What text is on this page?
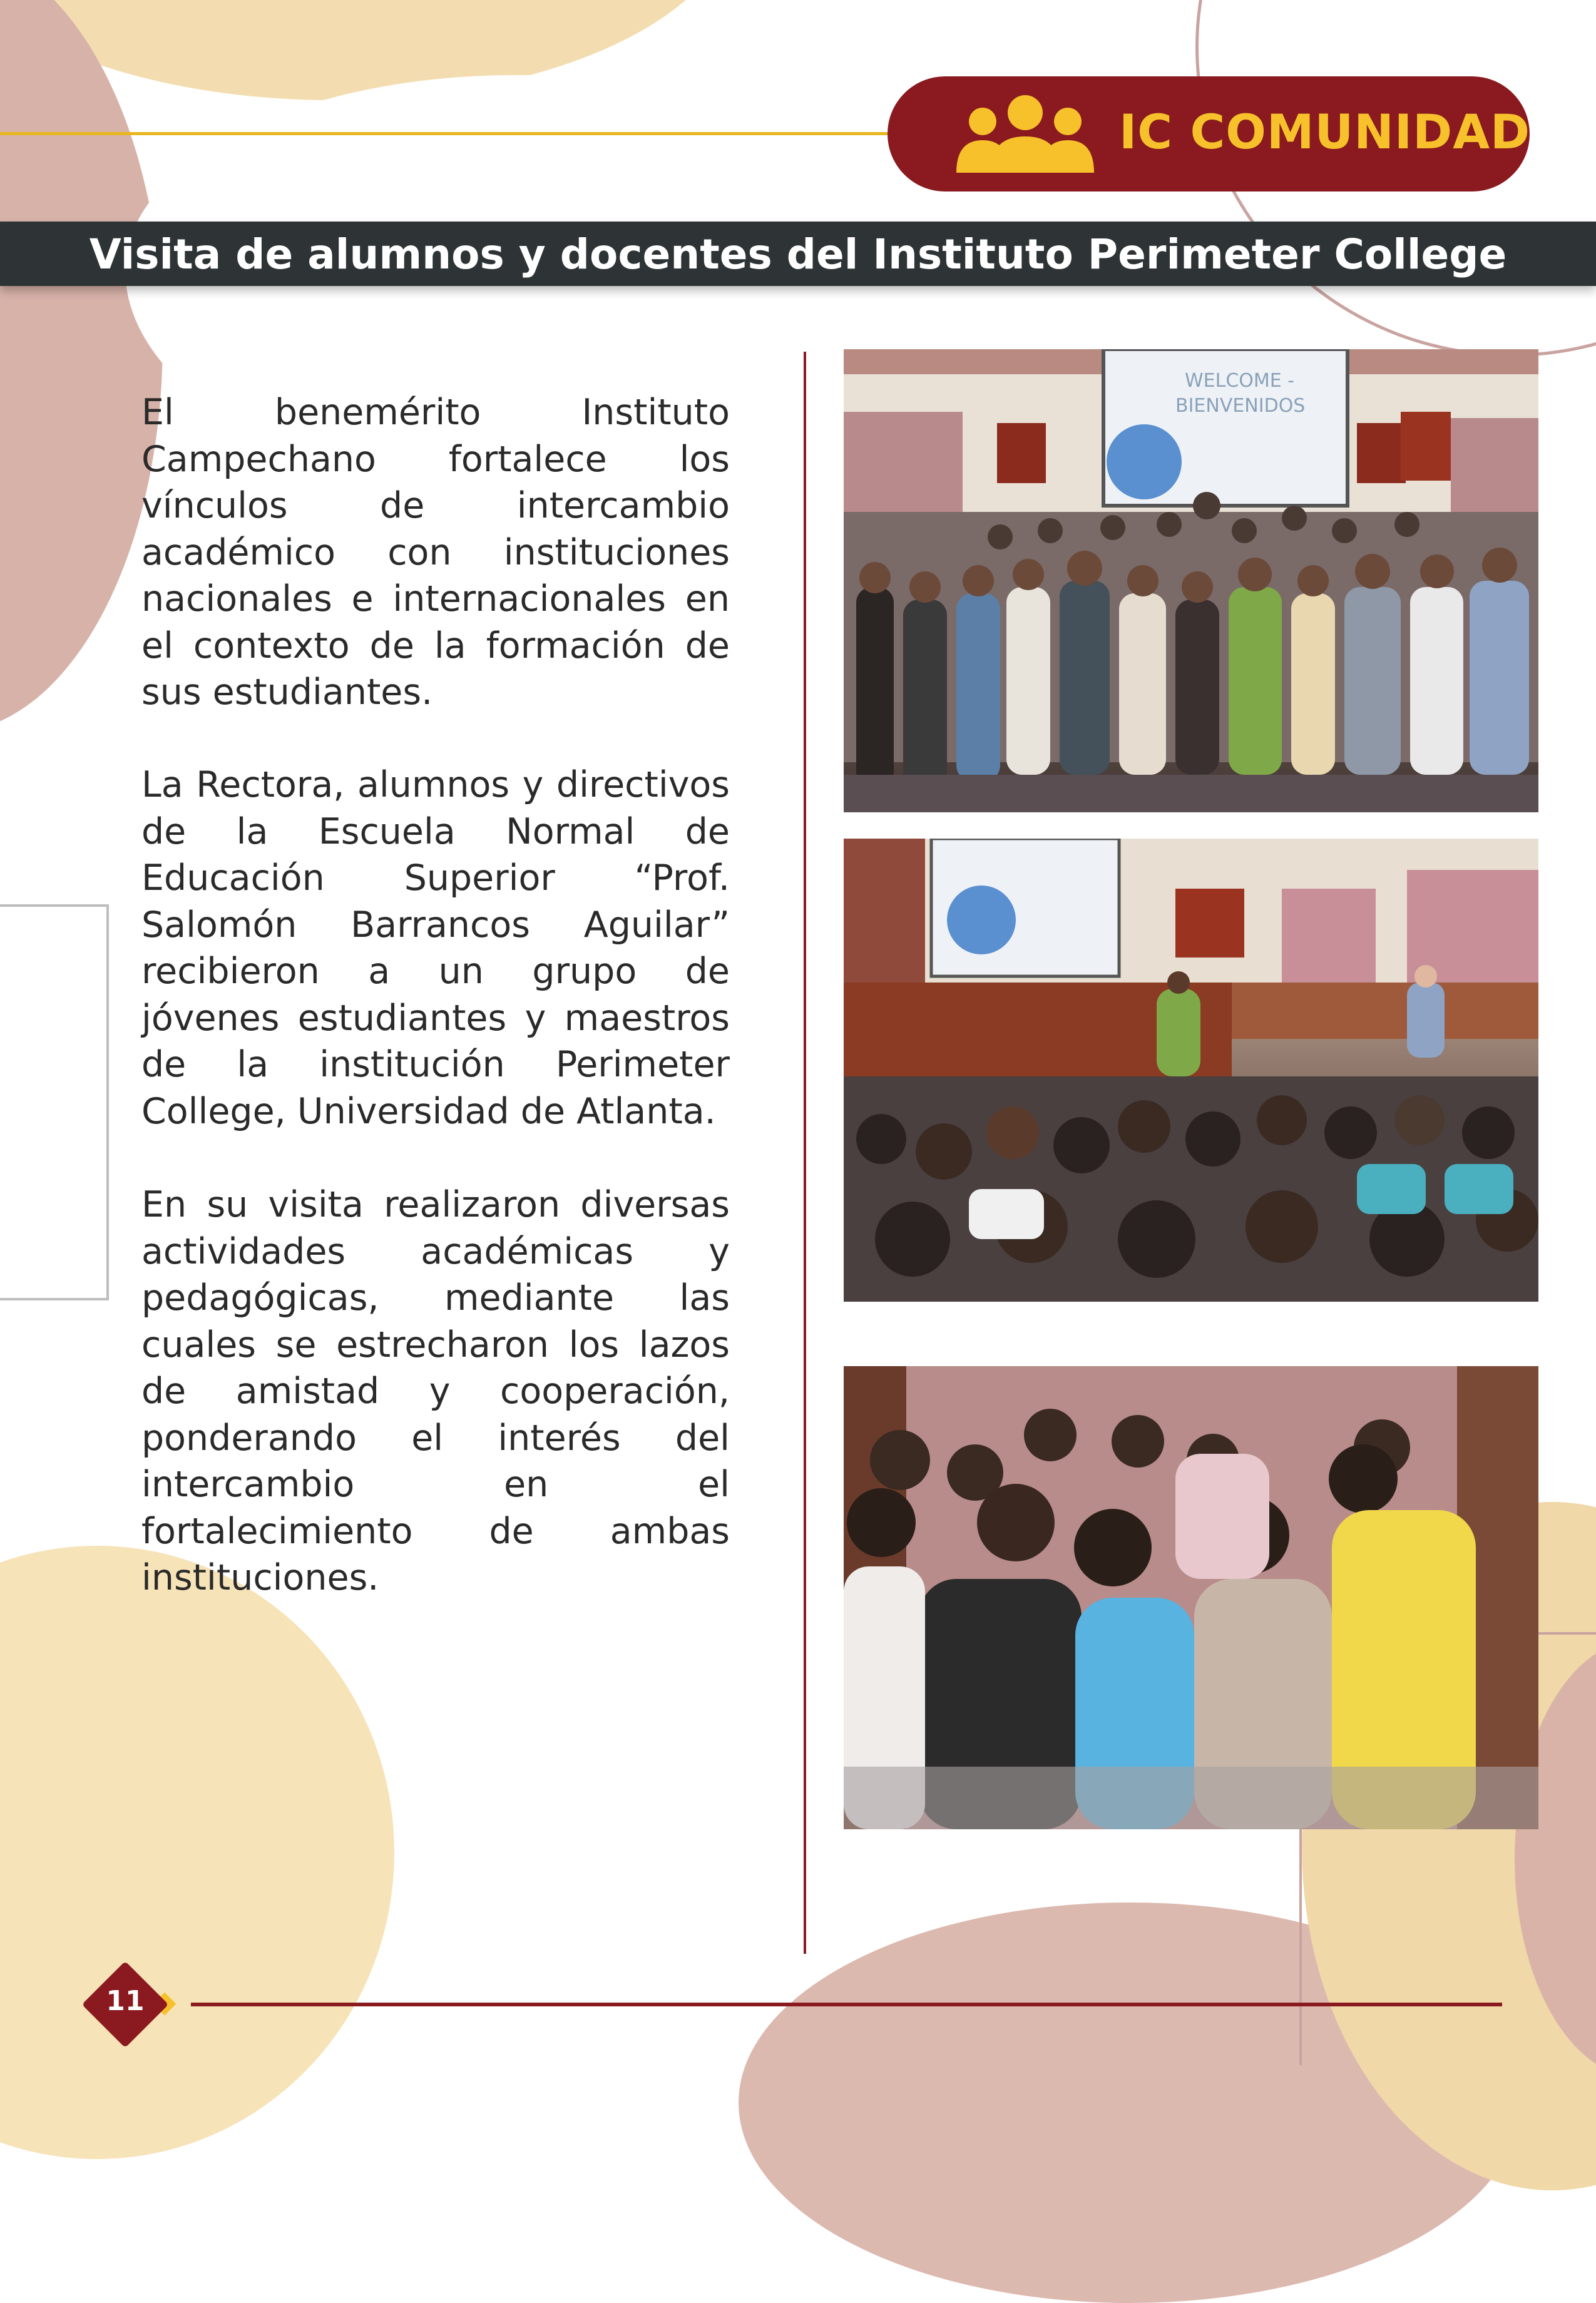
IC COMUNIDAD
Visita de alumnos y docentes del Instituto Perimeter College

El benemérito Instituto Campechano fortalece los vínculos de intercambio académico con instituciones nacionales e internacionales en el contexto de la formación de sus estudiantes.

La Rectora, alumnos y directivos de la Escuela Normal de Educación Superior “Prof. Salomón Barrancos Aguilar” recibieron a un grupo de jóvenes estudiantes y maestros de la institución Perimeter College, Universidad de Atlanta.

En su visita realizaron diversas actividades académicas y pedagógicas, mediante las cuales se estrecharon los lazos de amistad y cooperación, ponderando el interés del intercambio en el fortalecimiento de ambas instituciones.

WELCOME -
BIENVENIDOS
11
